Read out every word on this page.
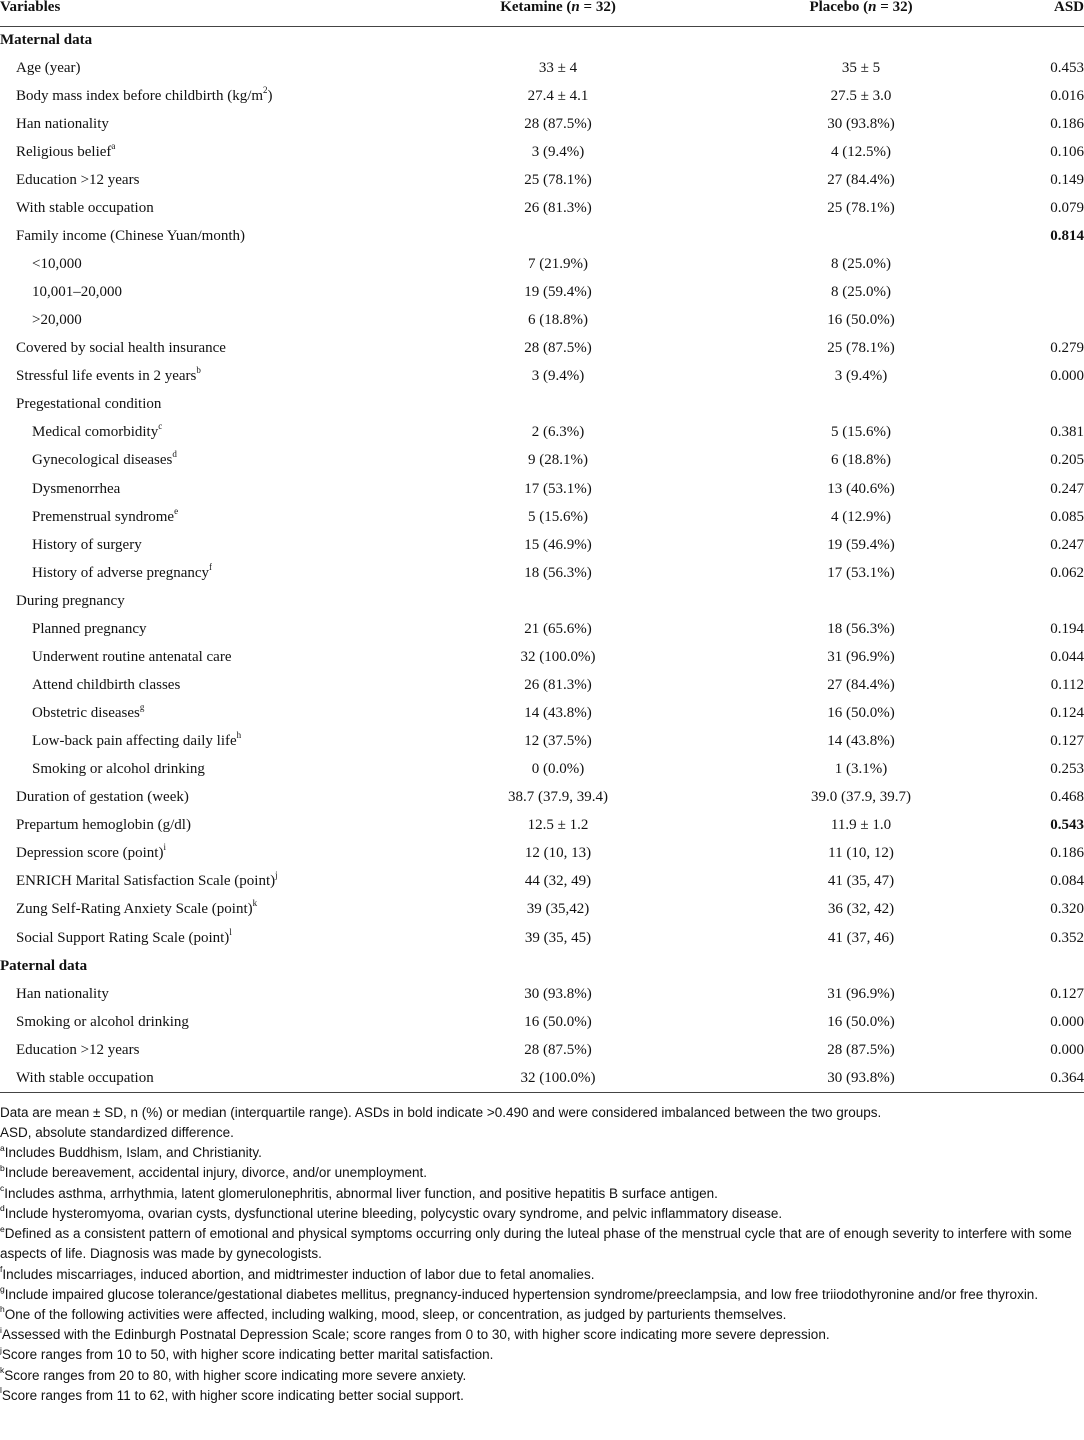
Variables	Ketamine (n = 32)	Placebo (n = 32)	ASD
Maternal data			
Age (year)	33 ± 4	35 ± 5	0.453
Body mass index before childbirth $(kg/m^2)$	27.4 ± 4.1	27.5 ± 3.0	0.016
Han nationality	28 (87.5%)	30 (93.8%)	0.186
Religious belief$^a$	3 (9.4%)	4 (12.5%)	0.106
Education >12 years	25 (78.1%)	27 (84.4%)	0.149
With stable occupation	26 (81.3%)	25 (78.1%)	0.079
Family income (Chinese Yuan/month)			0.814
<10,000	7 (21.9%)	8 (25.0%)	
10,001–20,000	19 (59.4%)	8 (25.0%)	
>20,000	6 (18.8%)	16 (50.0%)	
Covered by social health insurance	28 (87.5%)	25 (78.1%)	0.279
Stressful life events in 2 years$^b$	3 (9.4%)	3 (9.4%)	0.000
Pregestational condition			
Medical comorbidity$^c$	2 (6.3%)	5 (15.6%)	0.381
Gynecological diseases$^d$	9 (28.1%)	6 (18.8%)	0.205
Dysmenorrhea	17 (53.1%)	13 (40.6%)	0.247
Premenstrual syndrome$^e$	5 (15.6%)	4 (12.9%)	0.085
History of surgery	15 (46.9%)	19 (59.4%)	0.247
History of adverse pregnancy$^f$	18 (56.3%)	17 (53.1%)	0.062
During pregnancy			
Planned pregnancy	21 (65.6%)	18 (56.3%)	0.194
Underwent routine antenatal care	32 (100.0%)	31 (96.9%)	0.044
Attend childbirth classes	26 (81.3%)	27 (84.4%)	0.112
Obstetric diseases$^g$	14 (43.8%)	16 (50.0%)	0.124
Low-back pain affecting daily life$^h$	12 (37.5%)	14 (43.8%)	0.127
Smoking or alcohol drinking	0 (0.0%)	1 (3.1%)	0.253
Duration of gestation (week)	38.7 (37.9, 39.4)	39.0 (37.9, 39.7)	0.468
Prepartum hemoglobin (g/dl)	12.5 ± 1.2	11.9 ± 1.0	0.543
Depression score (point)$^i$	12 (10, 13)	11 (10, 12)	0.186
ENRICH Marital Satisfaction Scale (point)$^j$	44 (32, 49)	41 (35, 47)	0.084
Zung Self-Rating Anxiety Scale (point)$^k$	39 (35,42)	36 (32, 42)	0.320
Social Support Rating Scale (point)$^l$	39 (35, 45)	41 (37, 46)	0.352
Paternal data			
Han nationality	30 (93.8%)	31 (96.9%)	0.127
Smoking or alcohol drinking	16 (50.0%)	16 (50.0%)	0.000
Education >12 years	28 (87.5%)	28 (87.5%)	0.000
With stable occupation	32 (100.0%)	30 (93.8%)	0.364

Data are mean ± SD, n (%) or median (interquartile range). ASDs in bold indicate >0.490 and were considered imbalanced between the two groups.

ASD, absolute standardized difference.

$^a$Includes Buddhism, Islam, and Christianity.

$^b$Include bereavement, accidental injury, divorce, and/or unemployment.

$^c$Includes asthma, arrhythmia, latent glomerulonephritis, abnormal liver function, and positive hepatitis B surface antigen.

$^d$Include hysteromyoma, ovarian cysts, dysfunctional uterine bleeding, polycystic ovary syndrome, and pelvic inflammatory disease.

$^e$Defined as a consistent pattern of emotional and physical symptoms occurring only during the luteal phase of the menstrual cycle that are of enough severity to interfere with some aspects of life. Diagnosis was made by gynecologists.

$^f$Includes miscarriages, induced abortion, and midtrimester induction of labor due to fetal anomalies.

$^g$Include impaired glucose tolerance/gestational diabetes mellitus, pregnancy-induced hypertension syndrome/preeclampsia, and low free triiodothyronine and/or free thyroxin.

$^h$One of the following activities were affected, including walking, mood, sleep, or concentration, as judged by parturients themselves.

$^i$Assessed with the Edinburgh Postnatal Depression Scale; score ranges from 0 to 30, with higher score indicating more severe depression.

$^j$Score ranges from 10 to 50, with higher score indicating better marital satisfaction.

$^k$Score ranges from 20 to 80, with higher score indicating more severe anxiety.

$^l$Score ranges from 11 to 62, with higher score indicating better social support.
